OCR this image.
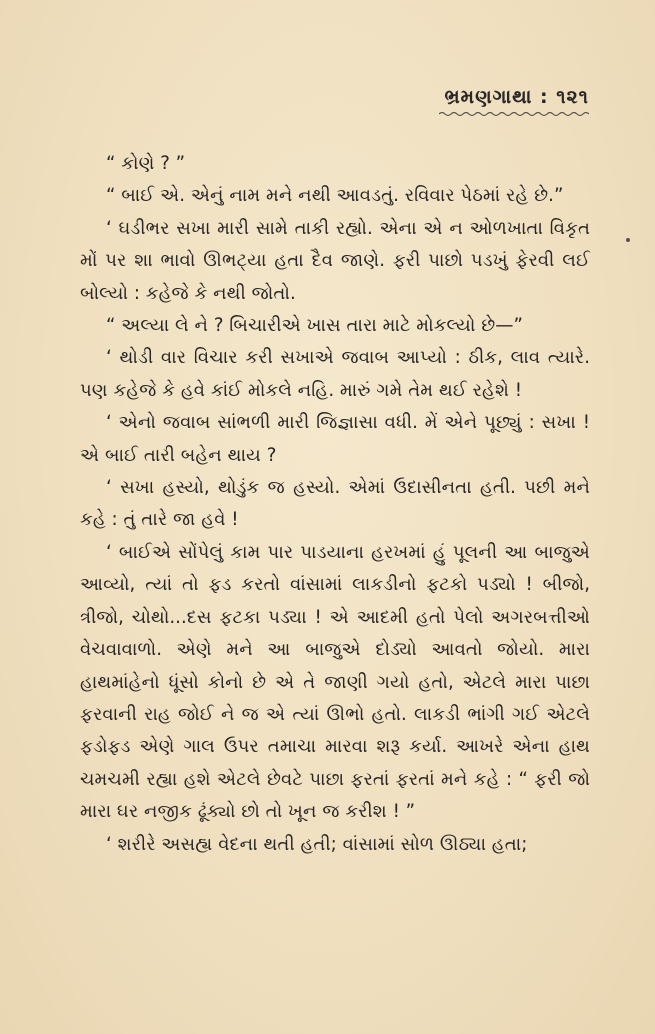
ભ્રમણગાથા : ૧૨૧

“ કોણે ? ”

“ બાઈ એ. એનું નામ મને નથી આવડતું. રવિવાર પેઠમાં રહે છે.”

‘ ઘડીભર સખા મારી સામે તાકી રહ્યો. એના એ ન ઓળખાતા વિકૃત મોં પર શા ભાવો ઊભટ્યા હતા દૈવ જાણે. ફરી પાછો પડખું ફેરવી લઈ બોલ્યો : કહેજે કે નથી જોતો.

“ અલ્યા લે ને ? બિચારીએ ખાસ તારા માટે મોકલ્યો છે—”

‘ થોડી વાર વિચાર કરી સખાએ જવાબ આપ્યો : ઠીક, લાવ ત્યારે. પણ કહેજે કે હવે કાંઈ મોકલે નહિ. મારું ગમે તેમ થઈ રહેશે !

‘ એનો જવાબ સાંભળી મારી જિજ્ઞાસા વધી. મેં એને પૂછ્યું : સખા ! એ બાઈ તારી બહેન થાય ?

‘ સખા હસ્યો, થોડુંક જ હસ્યો. એમાં ઉદાસીનતા હતી. પછી મને કહે : તું તારે જા હવે !

‘ બાઈએ સોંપેલું કામ પાર પાડયાના હરખમાં હું પૂલની આ બાજુએ આવ્યો, ત્યાં તો ફડ કરતો વાંસામાં લાકડીનો ફટકો પડ્યો ! બીજો, ત્રીજો, ચોથો...દસ ફટકા પડ્યા ! એ આદમી હતો પેલો અગરબત્તીઓ વેચવાવાળો. એણે મને આ બાજુએ દોડ્યો આવતો જોયો. મારા હાથમાંહેનો ધૂંસો કોનો છે એ તે જાણી ગયો હતો, એટલે મારા પાછા ફરવાની રાહ જોઈ ને જ એ ત્યાં ઊભો હતો. લાકડી ભાંગી ગઈ એટલે ફડોફડ એણે ગાલ ઉપર તમાચા મારવા શરૂ કર્યા. આખરે એના હાથ ચમચમી રહ્યા હશે એટલે છેવટે પાછા ફરતાં ફરતાં મને કહે : “ ફરી જો મારા ઘર નજીક ઢૂંક્યો છો તો ખૂન જ કરીશ ! ”

‘ શરીરે અસહ્ય વેદના થતી હતી; વાંસામાં સોળ ઊઠ્યા હતા;
